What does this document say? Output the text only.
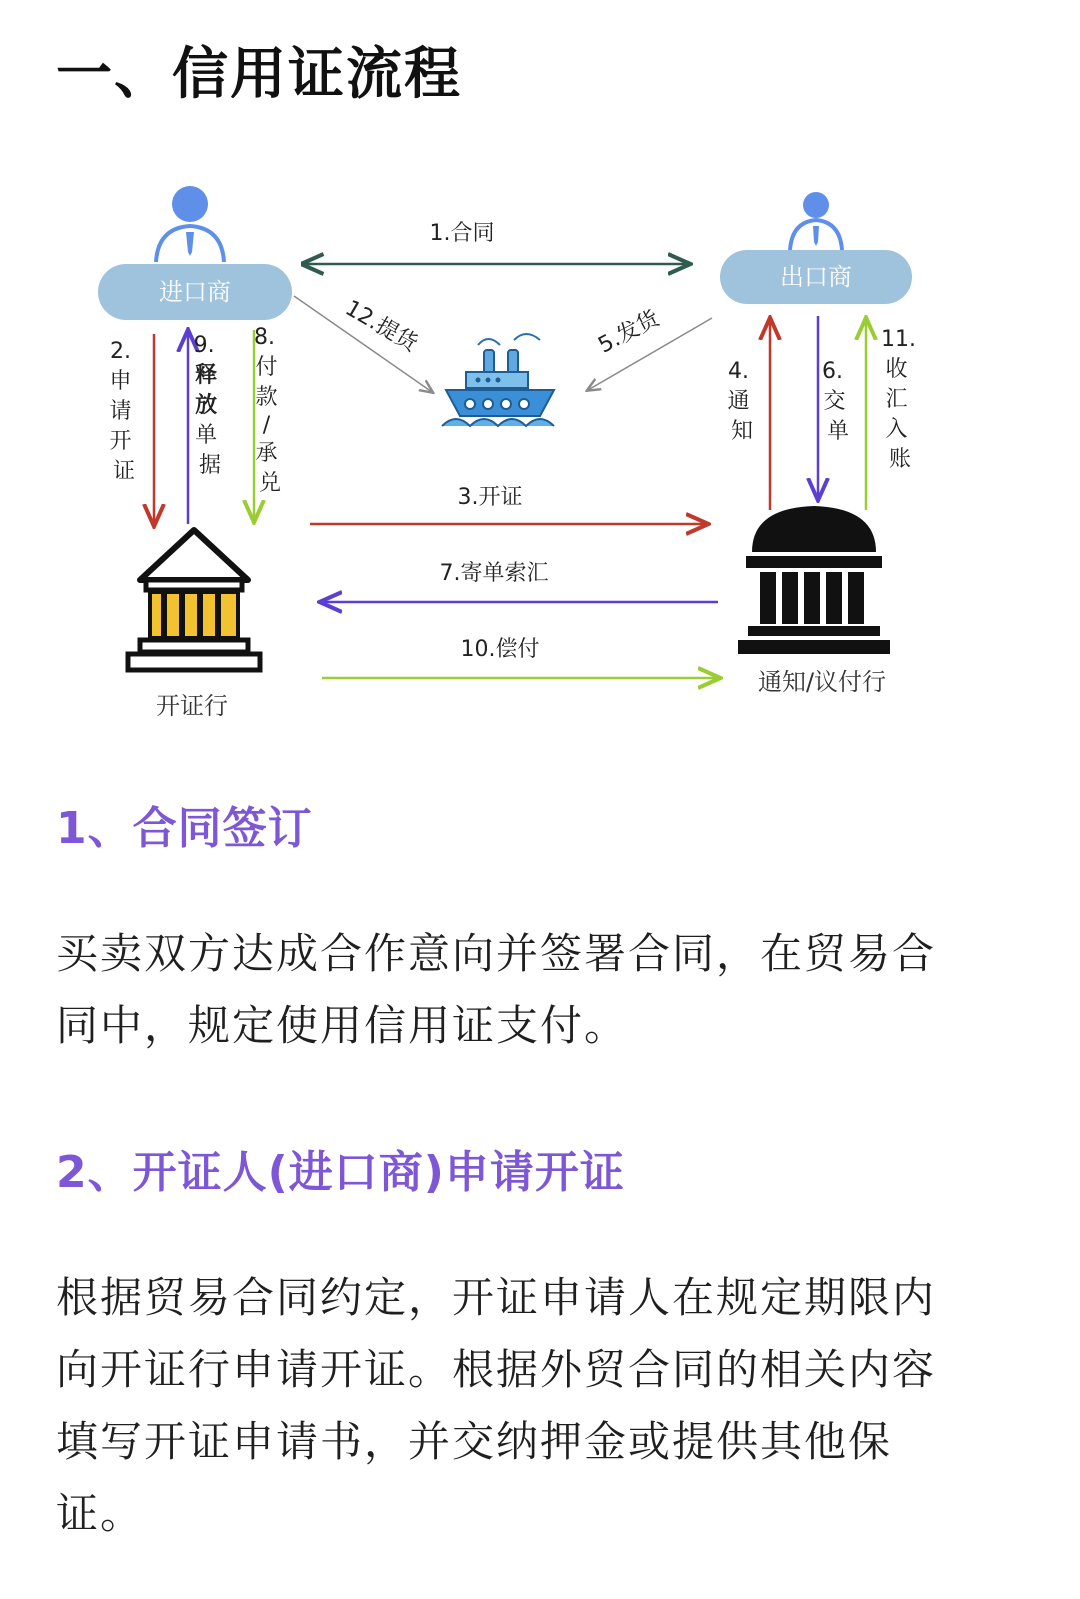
一、信用证流程
进口商
出口商
开证行
通知/议付行
1.合同
12.提货	5.发货
2. 申 请 开 证
9. 释 放 单 据
8. 付 款 / 承 兑
4. 通 知
6. 交 单
11. 收 汇 入 账
3.开证
7.寄单索汇
10.偿付
1、合同签订

买卖双方达成合作意向并签署合同，在贸易合
同中，规定使用信用证支付。

2、开证人(进口商)申请开证

根据贸易合同约定，开证申请人在规定期限内
向开证行申请开证。根据外贸合同的相关内容
填写开证申请书，并交纳押金或提供其他保
证。
